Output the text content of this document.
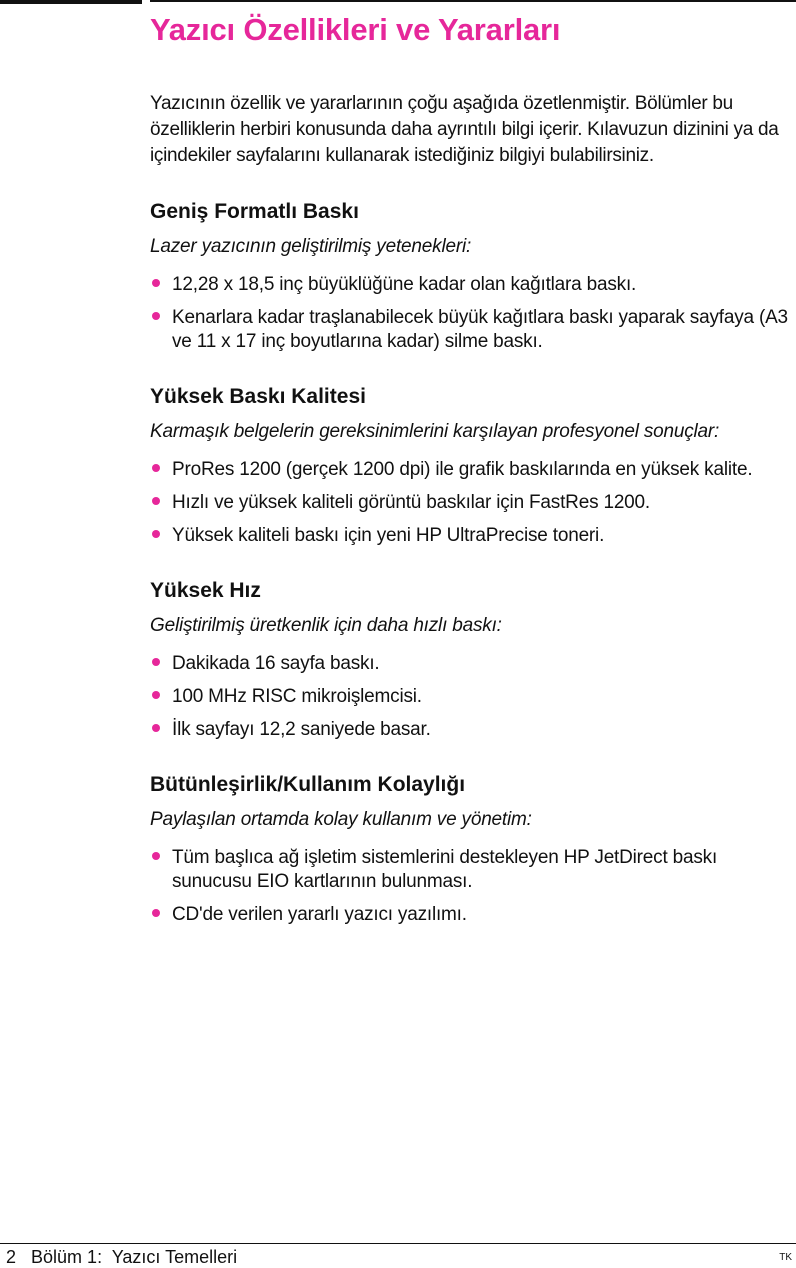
Yazıcı Özellikleri ve Yararları

Yazıcının özellik ve yararlarının çoğu aşağıda özetlenmiştir. Bölümler bu özelliklerin herbiri konusunda daha ayrıntılı bilgi içerir. Kılavuzun dizinini ya da içindekiler sayfalarını kullanarak istediğiniz bilgiyi bulabilirsiniz.

Geniş Formatlı Baskı

Lazer yazıcının geliştirilmiş yetenekleri:

12,28 x 18,5 inç büyüklüğüne kadar olan kağıtlara baskı.
Kenarlara kadar traşlanabilecek büyük kağıtlara baskı yaparak sayfaya (A3 ve 11 x 17 inç boyutlarına kadar) silme baskı.
Yüksek Baskı Kalitesi

Karmaşık belgelerin gereksinimlerini karşılayan profesyonel sonuçlar:

ProRes 1200 (gerçek 1200 dpi) ile grafik baskılarında en yüksek kalite.
Hızlı ve yüksek kaliteli görüntü baskılar için FastRes 1200.
Yüksek kaliteli baskı için yeni HP UltraPrecise toneri.
Yüksek Hız

Geliştirilmiş üretkenlik için daha hızlı baskı:

Dakikada 16 sayfa baskı.
100 MHz RISC mikroişlemcisi.
İlk sayfayı 12,2 saniyede basar.
Bütünleşirlik/Kullanım Kolaylığı

Paylaşılan ortamda kolay kullanım ve yönetim:

Tüm başlıca ağ işletim sistemlerini destekleyen HP JetDirect baskı sunucusu EIO kartlarının bulunması.
CD'de verilen yararlı yazıcı yazılımı.
2 Bölüm 1:  Yazıcı Temelleri	TK
